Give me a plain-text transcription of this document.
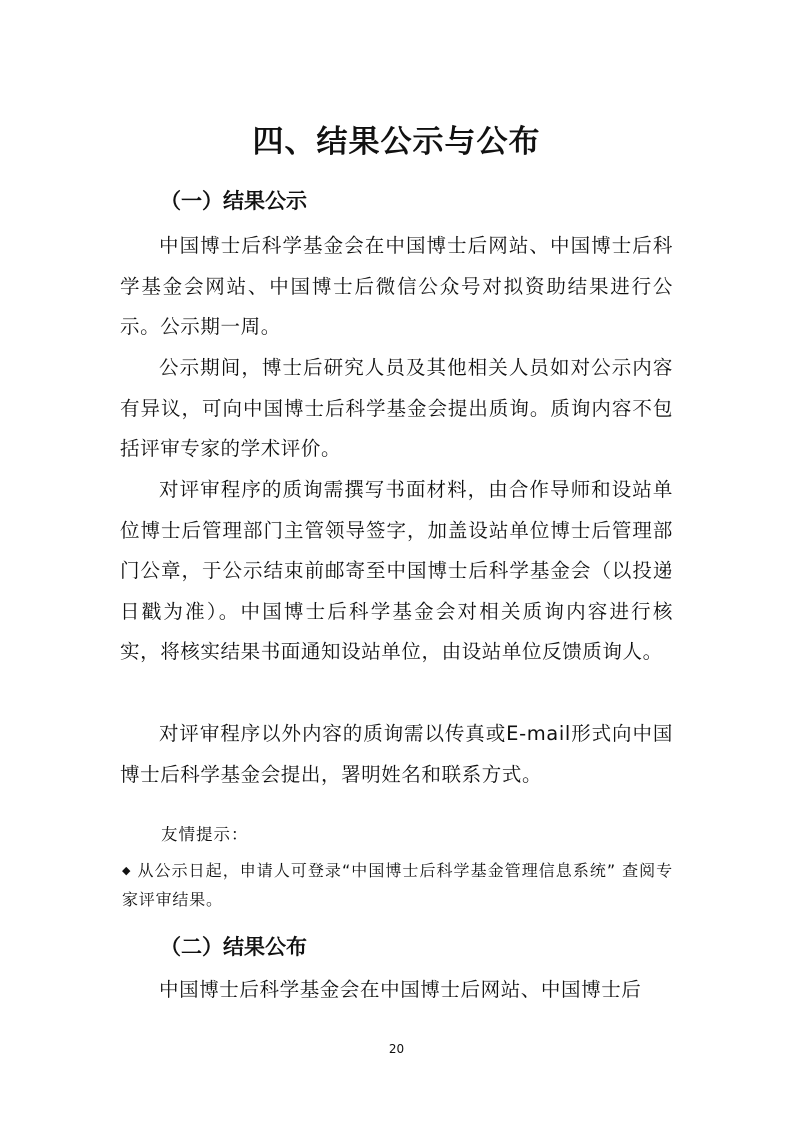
四、结果公示与公布
（一）结果公示
中国博士后科学基金会在中国博士后网站、中国博士后科学基金会网站、中国博士后微信公众号对拟资助结果进行公示。公示期一周。
公示期间，博士后研究人员及其他相关人员如对公示内容有异议，可向中国博士后科学基金会提出质询。质询内容不包括评审专家的学术评价。
对评审程序的质询需撰写书面材料，由合作导师和设站单位博士后管理部门主管领导签字，加盖设站单位博士后管理部门公章，于公示结束前邮寄至中国博士后科学基金会（以投递日戳为准）。中国博士后科学基金会对相关质询内容进行核实，将核实结果书面通知设站单位，由设站单位反馈质询人。
对评审程序以外内容的质询需以传真或E-mail形式向中国博士后科学基金会提出，署明姓名和联系方式。
友情提示：
◆ 从公示日起，申请人可登录“中国博士后科学基金管理信息系统” 查阅专家评审结果。
（二）结果公布
中国博士后科学基金会在中国博士后网站、中国博士后
20
